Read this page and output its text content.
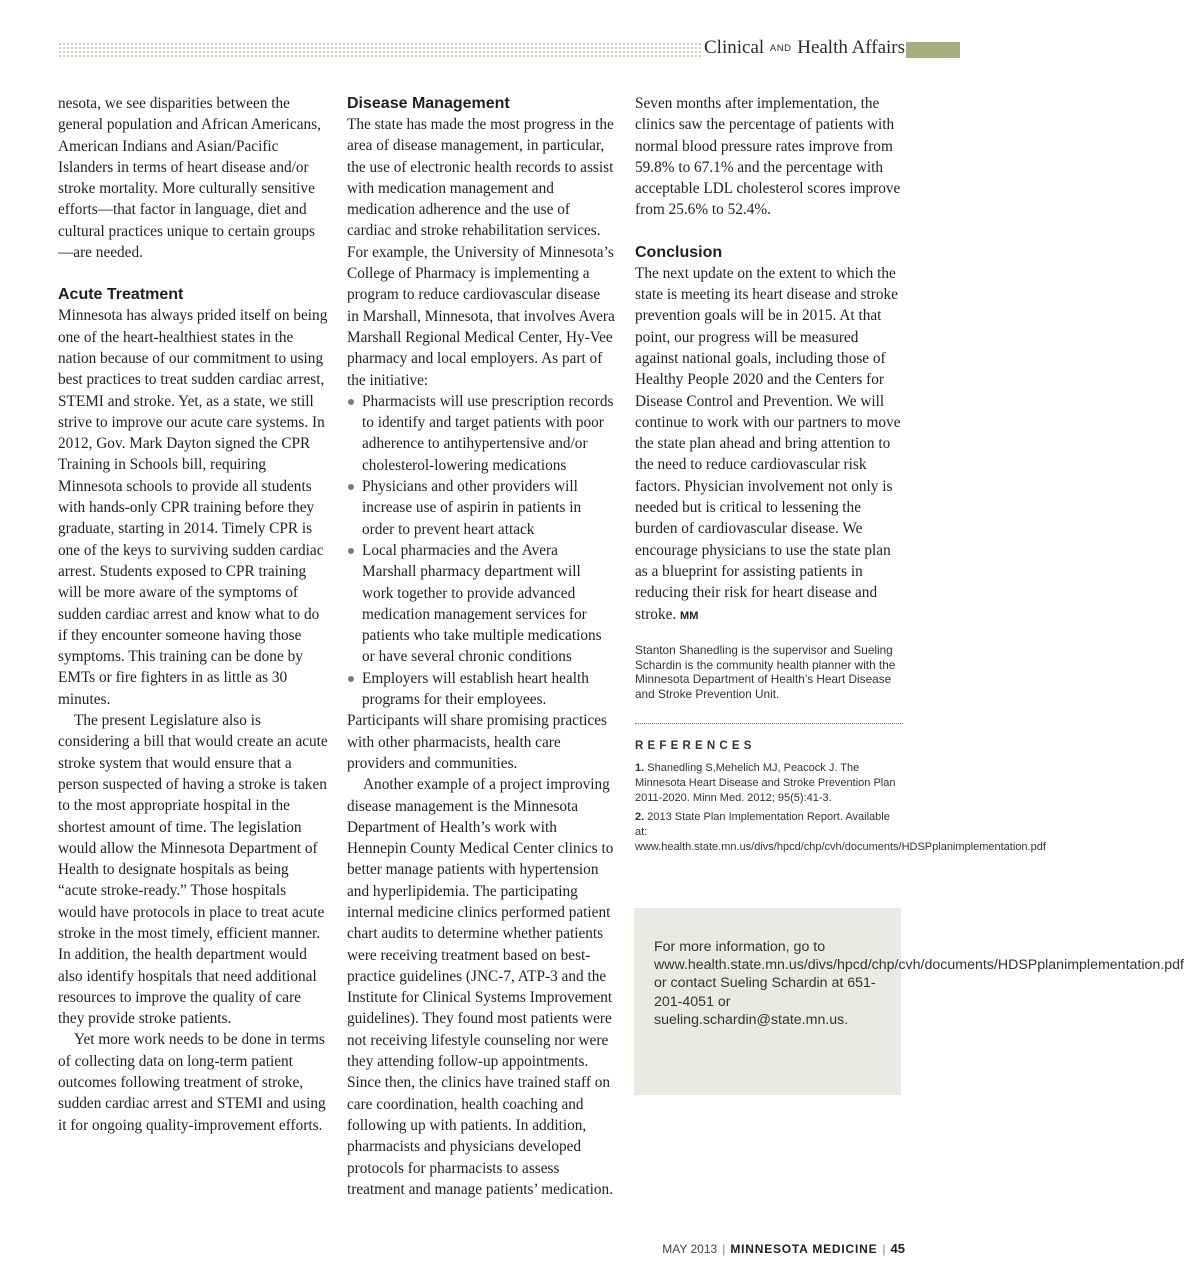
Clinical AND Health Affairs

nesota, we see disparities between the general population and African Americans, American Indians and Asian/Pacific Islanders in terms of heart disease and/or stroke mortality. More culturally sensitive efforts—that factor in language, diet and cultural practices unique to certain groups—are needed.

Acute Treatment

Minnesota has always prided itself on being one of the heart-healthiest states in the nation because of our commitment to using best practices to treat sudden cardiac arrest, STEMI and stroke. Yet, as a state, we still strive to improve our acute care systems. In 2012, Gov. Mark Dayton signed the CPR Training in Schools bill, requiring Minnesota schools to provide all students with hands-only CPR training before they graduate, starting in 2014. Timely CPR is one of the keys to surviving sudden cardiac arrest. Students exposed to CPR training will be more aware of the symptoms of sudden cardiac arrest and know what to do if they encounter someone having those symptoms. This training can be done by EMTs or fire fighters in as little as 30 minutes.

The present Legislature also is considering a bill that would create an acute stroke system that would ensure that a person suspected of having a stroke is taken to the most appropriate hospital in the shortest amount of time. The legislation would allow the Minnesota Department of Health to designate hospitals as being “acute stroke-ready.” Those hospitals would have protocols in place to treat acute stroke in the most timely, efficient manner. In addition, the health department would also identify hospitals that need additional resources to improve the quality of care they provide stroke patients.

Yet more work needs to be done in terms of collecting data on long-term patient outcomes following treatment of stroke, sudden cardiac arrest and STEMI and using it for ongoing quality-improvement efforts.

Disease Management

The state has made the most progress in the area of disease management, in particular, the use of electronic health records to assist with medication management and medication adherence and the use of cardiac and stroke rehabilitation services. For example, the University of Minnesota’s College of Pharmacy is implementing a program to reduce cardiovascular disease in Marshall, Minnesota, that involves Avera Marshall Regional Medical Center, Hy-Vee pharmacy and local employers. As part of the initiative:

Pharmacists will use prescription records to identify and target patients with poor adherence to antihypertensive and/or cholesterol-lowering medications
Physicians and other providers will increase use of aspirin in patients in order to prevent heart attack
Local pharmacies and the Avera Marshall pharmacy department will work together to provide advanced medication management services for patients who take multiple medications or have several chronic conditions
Employers will establish heart health programs for their employees.

Participants will share promising practices with other pharmacists, health care providers and communities.

Another example of a project improving disease management is the Minnesota Department of Health’s work with Hennepin County Medical Center clinics to better manage patients with hypertension and hyperlipidemia. The participating internal medicine clinics performed patient chart audits to determine whether patients were receiving treatment based on best-practice guidelines (JNC-7, ATP-3 and the Institute for Clinical Systems Improvement guidelines). They found most patients were not receiving lifestyle counseling nor were they attending follow-up appointments. Since then, the clinics have trained staff on care coordination, health coaching and following up with patients. In addition, pharmacists and physicians developed protocols for pharmacists to assess treatment and manage patients’ medication.

Seven months after implementation, the clinics saw the percentage of patients with normal blood pressure rates improve from 59.8% to 67.1% and the percentage with acceptable LDL cholesterol scores improve from 25.6% to 52.4%.

Conclusion

The next update on the extent to which the state is meeting its heart disease and stroke prevention goals will be in 2015. At that point, our progress will be measured against national goals, including those of Healthy People 2020 and the Centers for Disease Control and Prevention. We will continue to work with our partners to move the state plan ahead and bring attention to the need to reduce cardiovascular risk factors. Physician involvement not only is needed but is critical to lessening the burden of cardiovascular disease. We encourage physicians to use the state plan as a blueprint for assisting patients in reducing their risk for heart disease and stroke. MM

Stanton Shanedling is the supervisor and Sueling Schardin is the community health planner with the Minnesota Department of Health’s Heart Disease and Stroke Prevention Unit.
REFERENCES
1. Shanedling S,Mehelich MJ, Peacock J. The Minnesota Heart Disease and Stroke Prevention Plan 2011-2020. Minn Med. 2012; 95(5):41-3.
2. 2013 State Plan Implementation Report. Available at: www.health.state.mn.us/divs/hpcd/chp/cvh/documents/HDSPplanimplementation.pdf
For more information, go to www.health.state.mn.us/divs/hpcd/chp/cvh/documents/HDSPplanimplementation.pdf or contact Sueling Schardin at 651-201-4051 or sueling.schardin@state.mn.us.
MAY 2013 | MINNESOTA MEDICINE | 45
